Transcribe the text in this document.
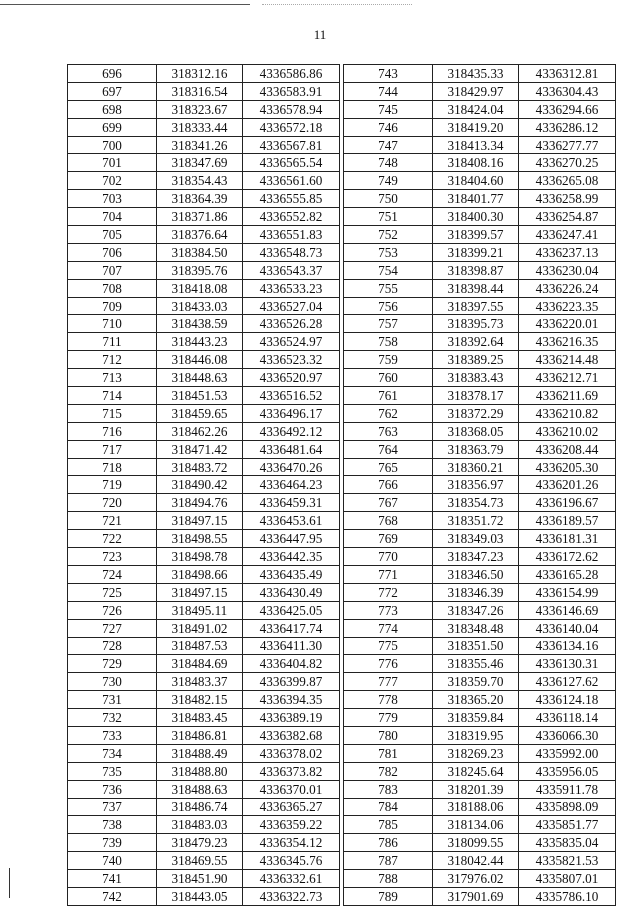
11
696	318312.16	4336586.86
697	318316.54	4336583.91
698	318323.67	4336578.94
699	318333.44	4336572.18
700	318341.26	4336567.81
701	318347.69	4336565.54
702	318354.43	4336561.60
703	318364.39	4336555.85
704	318371.86	4336552.82
705	318376.64	4336551.83
706	318384.50	4336548.73
707	318395.76	4336543.37
708	318418.08	4336533.23
709	318433.03	4336527.04
710	318438.59	4336526.28
711	318443.23	4336524.97
712	318446.08	4336523.32
713	318448.63	4336520.97
714	318451.53	4336516.52
715	318459.65	4336496.17
716	318462.26	4336492.12
717	318471.42	4336481.64
718	318483.72	4336470.26
719	318490.42	4336464.23
720	318494.76	4336459.31
721	318497.15	4336453.61
722	318498.55	4336447.95
723	318498.78	4336442.35
724	318498.66	4336435.49
725	318497.15	4336430.49
726	318495.11	4336425.05
727	318491.02	4336417.74
728	318487.53	4336411.30
729	318484.69	4336404.82
730	318483.37	4336399.87
731	318482.15	4336394.35
732	318483.45	4336389.19
733	318486.81	4336382.68
734	318488.49	4336378.02
735	318488.80	4336373.82
736	318488.63	4336370.01
737	318486.74	4336365.27
738	318483.03	4336359.22
739	318479.23	4336354.12
740	318469.55	4336345.76
741	318451.90	4336332.61
742	318443.05	4336322.73
743	318435.33	4336312.81
744	318429.97	4336304.43
745	318424.04	4336294.66
746	318419.20	4336286.12
747	318413.34	4336277.77
748	318408.16	4336270.25
749	318404.60	4336265.08
750	318401.77	4336258.99
751	318400.30	4336254.87
752	318399.57	4336247.41
753	318399.21	4336237.13
754	318398.87	4336230.04
755	318398.44	4336226.24
756	318397.55	4336223.35
757	318395.73	4336220.01
758	318392.64	4336216.35
759	318389.25	4336214.48
760	318383.43	4336212.71
761	318378.17	4336211.69
762	318372.29	4336210.82
763	318368.05	4336210.02
764	318363.79	4336208.44
765	318360.21	4336205.30
766	318356.97	4336201.26
767	318354.73	4336196.67
768	318351.72	4336189.57
769	318349.03	4336181.31
770	318347.23	4336172.62
771	318346.50	4336165.28
772	318346.39	4336154.99
773	318347.26	4336146.69
774	318348.48	4336140.04
775	318351.50	4336134.16
776	318355.46	4336130.31
777	318359.70	4336127.62
778	318365.20	4336124.18
779	318359.84	4336118.14
780	318319.95	4336066.30
781	318269.23	4335992.00
782	318245.64	4335956.05
783	318201.39	4335911.78
784	318188.06	4335898.09
785	318134.06	4335851.77
786	318099.55	4335835.04
787	318042.44	4335821.53
788	317976.02	4335807.01
789	317901.69	4335786.10
